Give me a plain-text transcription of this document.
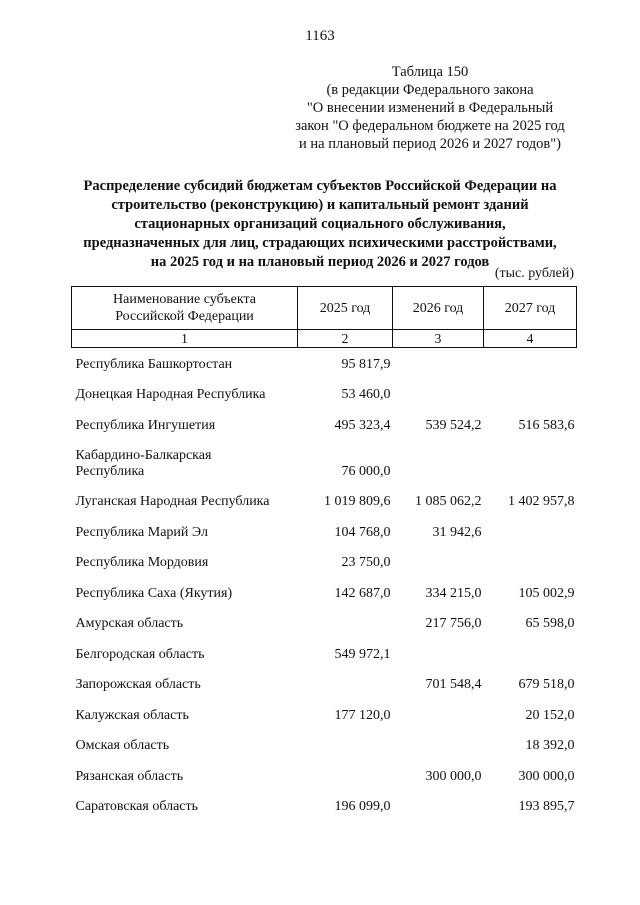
1163
Таблица 150
(в редакции Федерального закона
"О внесении изменений в Федеральный
закон "О федеральном бюджете на 2025 год
и на плановый период 2026 и 2027 годов")
Распределение субсидий бюджетам субъектов Российской Федерации на
строительство (реконструкцию) и капитальный ремонт зданий
стационарных организаций социального обслуживания,
предназначенных для лиц, страдающих психическими расстройствами,
на 2025 год и на плановый период 2026 и 2027 годов
(тыс. рублей)
Наименование субъекта
Российской Федерации	2025 год	2026 год	2027 год
1	2	3	4
Республика Башкортостан	95 817,9		
Донецкая Народная Республика	53 460,0		
Республика Ингушетия	495 323,4	539 524,2	516 583,6

Кабардино-Балкарская
Республика	76 000,0		
Луганская Народная Республика	1 019 809,6	1 085 062,2	1 402 957,8
Республика Марий Эл	104 768,0	31 942,6	
Республика Мордовия	23 750,0		
Республика Саха (Якутия)	142 687,0	334 215,0	105 002,9
Амурская область		217 756,0	65 598,0
Белгородская область	549 972,1		
Запорожская область		701 548,4	679 518,0
Калужская область	177 120,0		20 152,0
Омская область			18 392,0
Рязанская область		300 000,0	300 000,0
Саратовская область	196 099,0		193 895,7
